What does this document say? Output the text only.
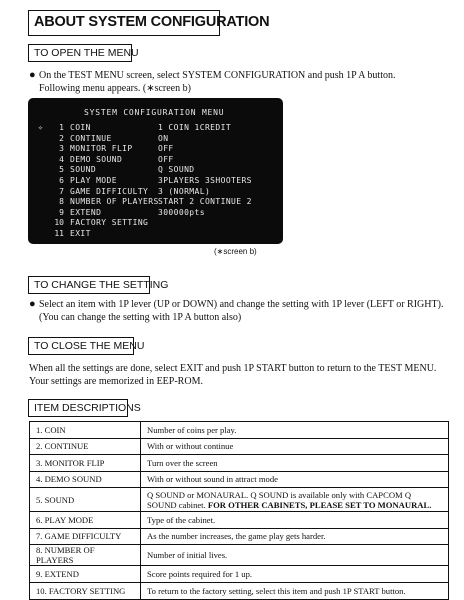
ABOUT SYSTEM CONFIGURATION
TO OPEN THE MENU
● On the TEST MENU screen, select SYSTEM CONFIGURATION and push 1P A button.
Following menu appears. (∗screen b)
SYSTEM CONFIGURATION MENU
✧	1 COIN	1 COIN 1CREDIT
2 CONTINUE	ON
3 MONITOR FLIP	OFF
4 DEMO SOUND	OFF
5 SOUND	Q SOUND
6 PLAY MODE	3PLAYERS 3SHOOTERS
7 GAME DIFFICULTY 3 (NORMAL)
8 NUMBER OF PLAYERS START 2 CONTINUE 2
9 EXTEND	300000pts
10 FACTORY SETTING
11 EXIT
(∗screen b)
TO CHANGE THE SETTING
● Select an item with 1P lever (UP or DOWN) and change the setting with 1P lever (LEFT or RIGHT).
(You can change the setting with 1P A button also)
TO CLOSE THE MENU
When all the settings are done, select EXIT and push 1P START button to return to the TEST MENU.
Your settings are memorized in EEP-ROM.
ITEM DESCRIPTIONS
1. COIN	Number of coins per play.
2. CONTINUE	With or without continue
3. MONITOR FLIP	Turn over the screen
4. DEMO SOUND	With or without sound in attract mode
5. SOUND	Q SOUND or MONAURAL. Q SOUND is available only with CAPCOM Q SOUND cabinet. FOR OTHER CABINETS, PLEASE SET TO MONAURAL.
6. PLAY MODE	Type of the cabinet.
7. GAME DIFFICULTY	As the number increases, the game play gets harder.
8. NUMBER OF PLAYERS	Number of initial lives.
9. EXTEND	Score points required for 1 up.
10. FACTORY SETTING	To return to the factory setting, select this item and push 1P START button.
